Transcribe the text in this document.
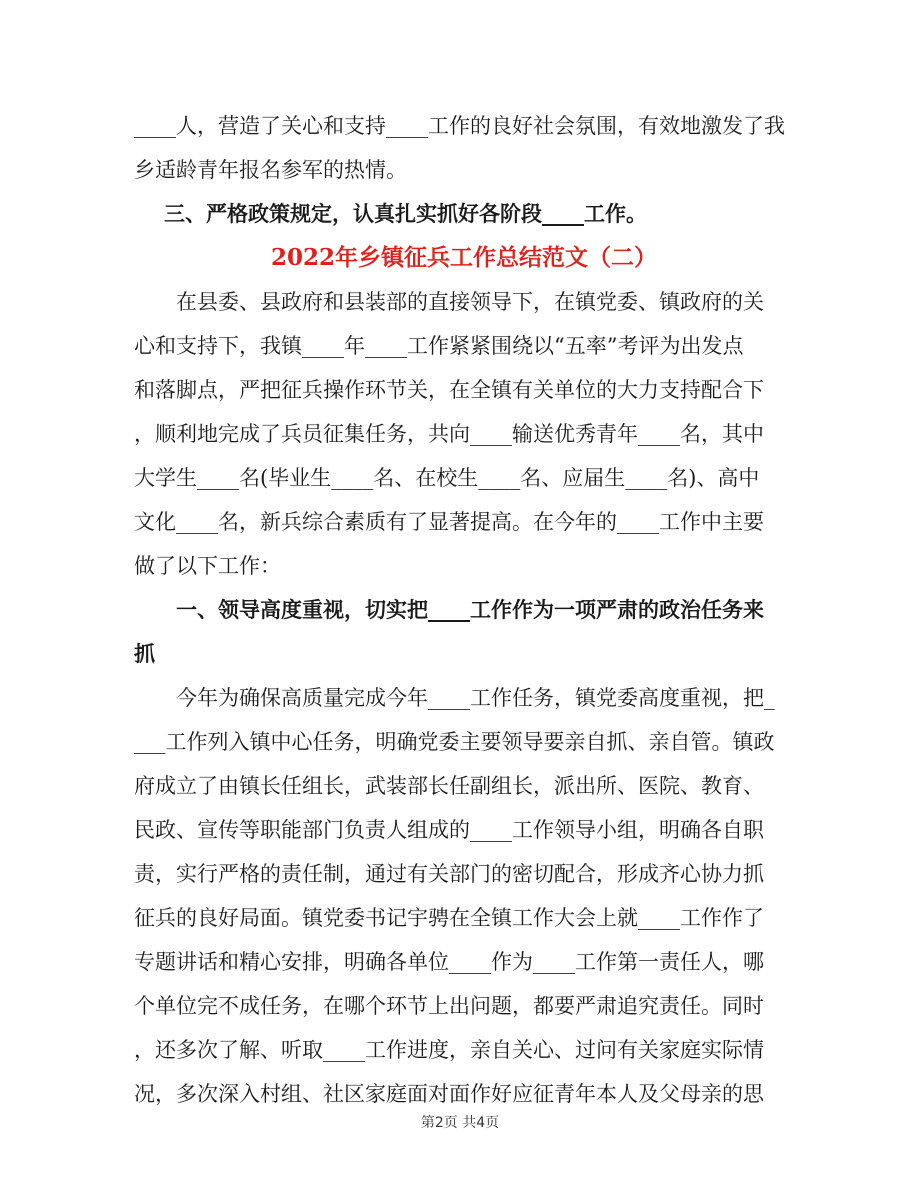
____人，营造了关心和支持____工作的良好社会氛围，有效地激发了我
乡适龄青年报名参军的热情。
三、严格政策规定，认真扎实抓好各阶段____工作。
2022年乡镇征兵工作总结范文（二）
在县委、县政府和县装部的直接领导下，在镇党委、镇政府的关
心和支持下，我镇____年____工作紧紧围绕以“五率”考评为出发点
和落脚点，严把征兵操作环节关，在全镇有关单位的大力支持配合下
，顺利地完成了兵员征集任务，共向____输送优秀青年____名，其中
大学生____名(毕业生____名、在校生____名、应届生____名)、高中
文化____名，新兵综合素质有了显著提高。在今年的____工作中主要
做了以下工作：
一、领导高度重视，切实把____工作作为一项严肃的政治任务来
抓
今年为确保高质量完成今年____工作任务，镇党委高度重视，把_
___工作列入镇中心任务，明确党委主要领导要亲自抓、亲自管。镇政
府成立了由镇长任组长，武装部长任副组长，派出所、医院、教育、
民政、宣传等职能部门负责人组成的____工作领导小组，明确各自职
责，实行严格的责任制，通过有关部门的密切配合，形成齐心协力抓
征兵的良好局面。镇党委书记宇骋在全镇工作大会上就____工作作了
专题讲话和精心安排，明确各单位____作为____工作第一责任人，哪
个单位完不成任务，在哪个环节上出问题，都要严肃追究责任。同时
，还多次了解、听取____工作进度，亲自关心、过问有关家庭实际情
况，多次深入村组、社区家庭面对面作好应征青年本人及父母亲的思
第2页 共4页
